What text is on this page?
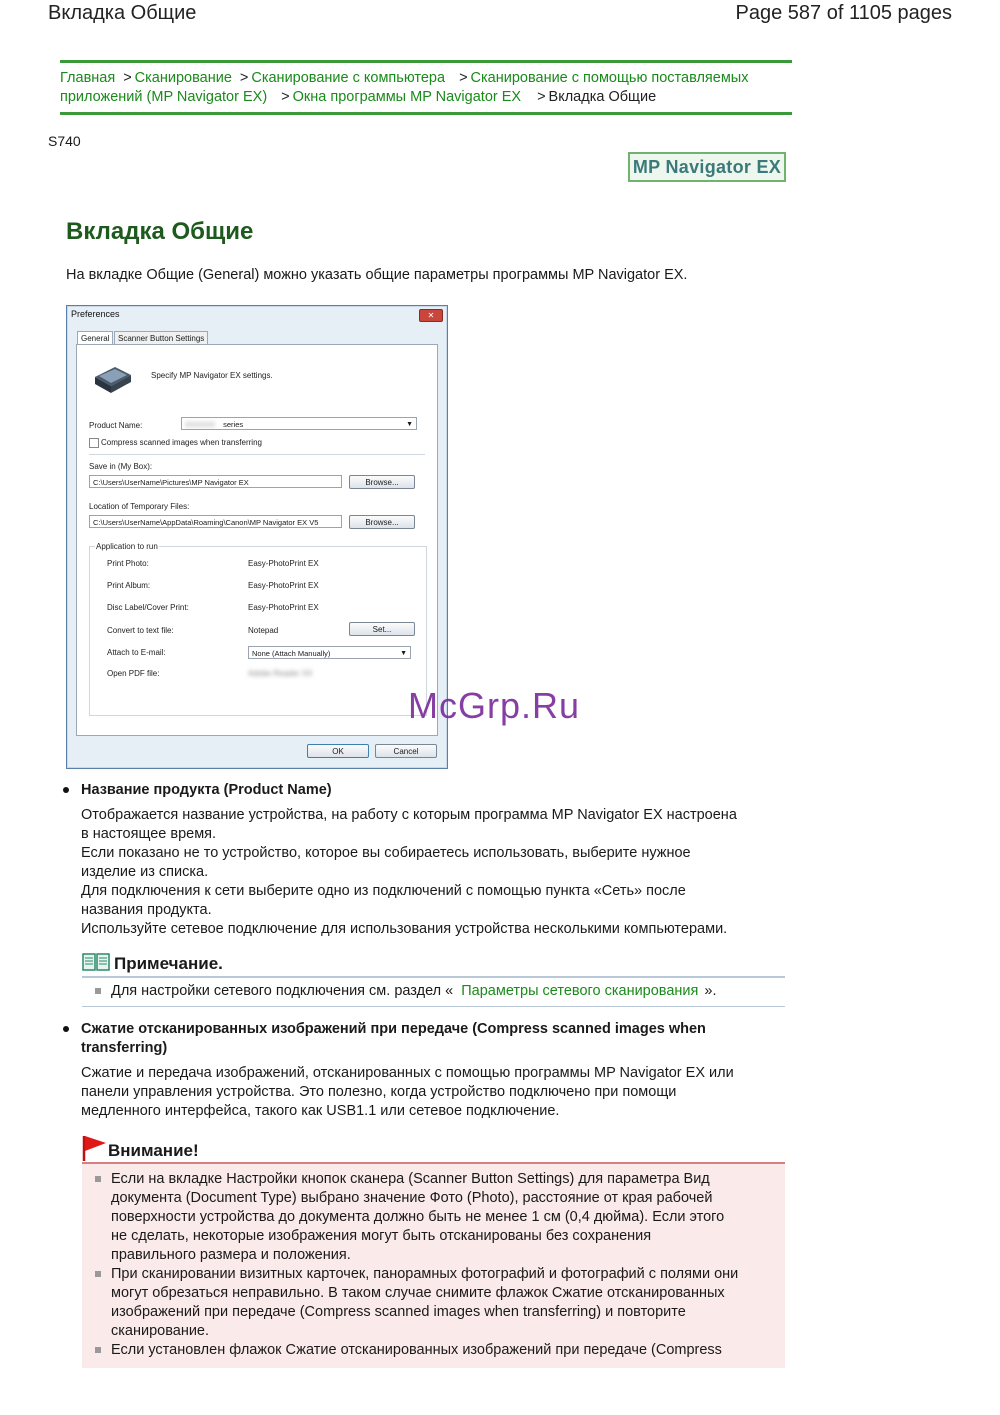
Вкладка Общие	Page 587 of 1105 pages
Главная > Сканирование > Сканирование с компьютера > Сканирование с помощью поставляемых
приложений (MP Navigator EX) > Окна программы MP Navigator EX > Вкладка Общие
S740
MP Navigator EX
Вкладка Общие
На вкладке Общие (General) можно указать общие параметры программы MP Navigator EX.
Preferences	✕
General	Scanner Button Settings
Specify MP Navigator EX settings.
Product Name:	XXXXXX series	▼
Compress scanned images when transferring
Save in (My Box):
C:\Users\UserName\Pictures\MP Navigator EX	Browse...
Location of Temporary Files:
C:\Users\UserName\AppData\Roaming\Canon\MP Navigator EX V5	Browse...
Application to run
Print Photo:	Easy-PhotoPrint EX
Print Album:	Easy-PhotoPrint EX
Disc Label/Cover Print:	Easy-PhotoPrint EX
Convert to text file:	Notepad	Set...
Attach to E-mail:	None (Attach Manually)	▼
Open PDF file:	Adobe Reader XX
OK	Cancel
McGrp.Ru
Название продукта (Product Name)
Отображается название устройства, на работу с которым программа MP Navigator EX настроена
в настоящее время.
Если показано не то устройство, которое вы собираетесь использовать, выберите нужное
изделие из списка.
Для подключения к сети выберите одно из подключений с помощью пункта «Сеть» после
названия продукта.
Используйте сетевое подключение для использования устройства несколькими компьютерами.
Примечание.
Для настройки сетевого подключения см. раздел « Параметры сетевого сканирования ».
Сжатие отсканированных изображений при передаче (Compress scanned images when
transferring)
Сжатие и передача изображений, отсканированных с помощью программы MP Navigator EX или
панели управления устройства. Это полезно, когда устройство подключено при помощи
медленного интерфейса, такого как USB1.1 или сетевое подключение.
Внимание!
Если на вкладке Настройки кнопок сканера (Scanner Button Settings) для параметра Вид
документа (Document Type) выбрано значение Фото (Photo), расстояние от края рабочей
поверхности устройства до документа должно быть не менее 1 см (0,4 дюйма). Если этого
не сделать, некоторые изображения могут быть отсканированы без сохранения
правильного размера и положения.
При сканировании визитных карточек, панорамных фотографий и фотографий с полями они
могут обрезаться неправильно. В таком случае снимите флажок Сжатие отсканированных
изображений при передаче (Compress scanned images when transferring) и повторите
сканирование.
Если установлен флажок Сжатие отсканированных изображений при передаче (Compress
